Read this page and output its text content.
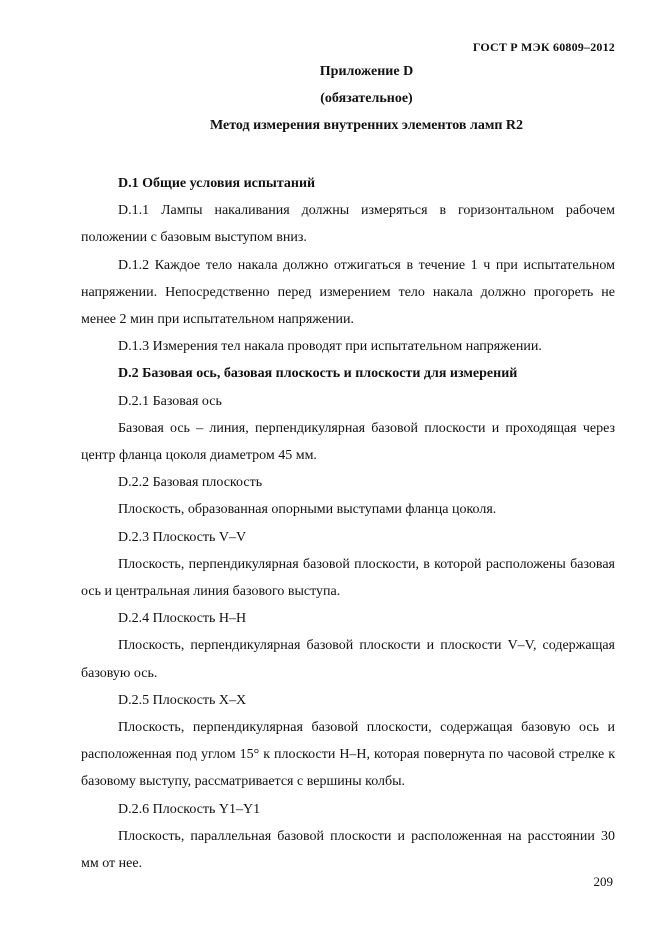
ГОСТ Р МЭК 60809–2012
Приложение D
(обязательное)
Метод измерения внутренних элементов ламп R2

D.1 Общие условия испытаний

D.1.1 Лампы накаливания должны измеряться в горизонтальном рабочем положении с базовым выступом вниз.

D.1.2 Каждое тело накала должно отжигаться в течение 1 ч при испытательном напряжении. Непосредственно перед измерением тело накала должно прогореть не менее 2 мин при испытательном напряжении.

D.1.3 Измерения тел накала проводят при испытательном напряжении.

D.2 Базовая ось, базовая плоскость и плоскости для измерений

D.2.1 Базовая ось

Базовая ось – линия, перпендикулярная базовой плоскости и проходящая через центр фланца цоколя диаметром 45 мм.

D.2.2 Базовая плоскость

Плоскость, образованная опорными выступами фланца цоколя.

D.2.3 Плоскость V–V

Плоскость, перпендикулярная базовой плоскости, в которой расположены базовая ось и центральная линия базового выступа.

D.2.4 Плоскость H–H

Плоскость, перпендикулярная базовой плоскости и плоскости V–V, содержащая базовую ось.

D.2.5 Плоскость X–X

Плоскость, перпендикулярная базовой плоскости, содержащая базовую ось и расположенная под углом 15° к плоскости H–H, которая повернута по часовой стрелке к базовому выступу, рассматривается с вершины колбы.

D.2.6 Плоскость Y1–Y1

Плоскость, параллельная базовой плоскости и расположенная на расстоянии 30 мм от нее.

209
